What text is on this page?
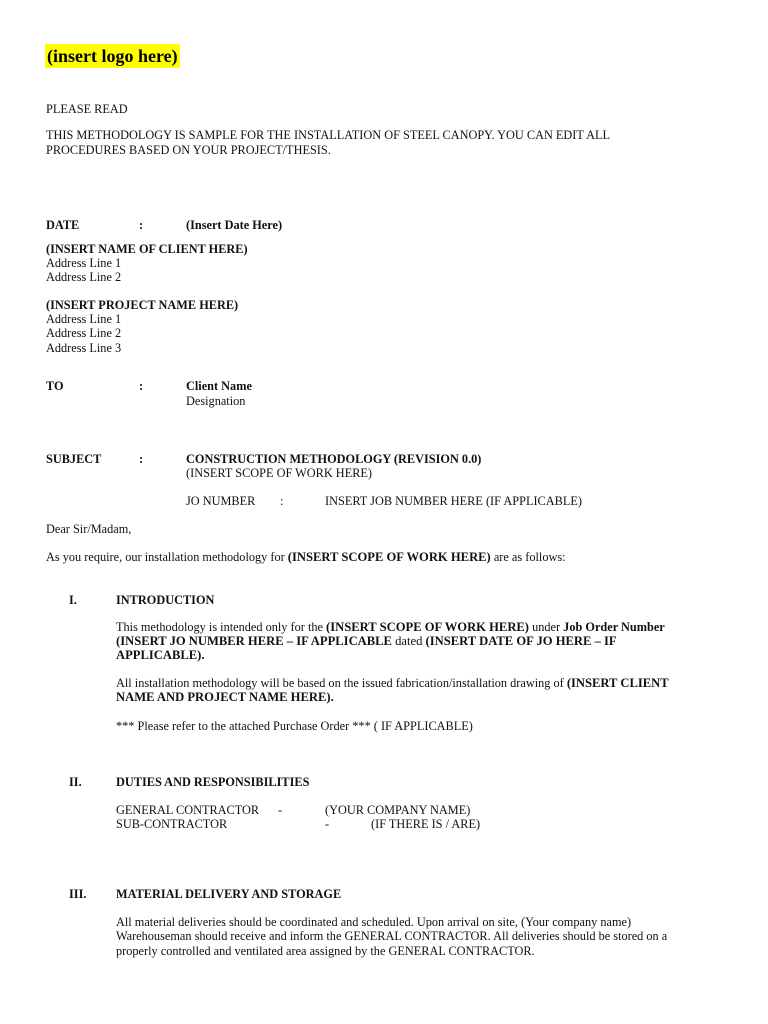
(insert logo here)
PLEASE READ
THIS METHODOLOGY IS SAMPLE FOR THE INSTALLATION OF STEEL CANOPY. YOU CAN EDIT ALL
PROCEDURES BASED ON YOUR PROJECT/THESIS.
DATE	:	(Insert Date Here)
(INSERT NAME OF CLIENT HERE)
Address Line 1
Address Line 2
(INSERT PROJECT NAME HERE)
Address Line 1
Address Line 2
Address Line 3
TO	:	Client Name
Designation
SUBJECT	:	CONSTRUCTION METHODOLOGY (REVISION 0.0)
(INSERT SCOPE OF WORK HERE)
JO NUMBER :	INSERT JOB NUMBER HERE (IF APPLICABLE)
Dear Sir/Madam,
As you require, our installation methodology for (INSERT SCOPE OF WORK HERE) are as follows:
I.	INTRODUCTION
This methodology is intended only for the (INSERT SCOPE OF WORK HERE) under Job Order Number
(INSERT JO NUMBER HERE – IF APPLICABLE dated (INSERT DATE OF JO HERE – IF
APPLICABLE).
All installation methodology will be based on the issued fabrication/installation drawing of (INSERT CLIENT
NAME AND PROJECT NAME HERE).
*** Please refer to the attached Purchase Order *** ( IF APPLICABLE)
II.	DUTIES AND RESPONSIBILITIES
GENERAL CONTRACTOR -	(YOUR COMPANY NAME)
SUB-CONTRACTOR	-	(IF THERE IS / ARE)
III. MATERIAL DELIVERY AND STORAGE
All material deliveries should be coordinated and scheduled. Upon arrival on site, (Your company name)
Warehouseman should receive and inform the GENERAL CONTRACTOR. All deliveries should be stored on a
properly controlled and ventilated area assigned by the GENERAL CONTRACTOR.
